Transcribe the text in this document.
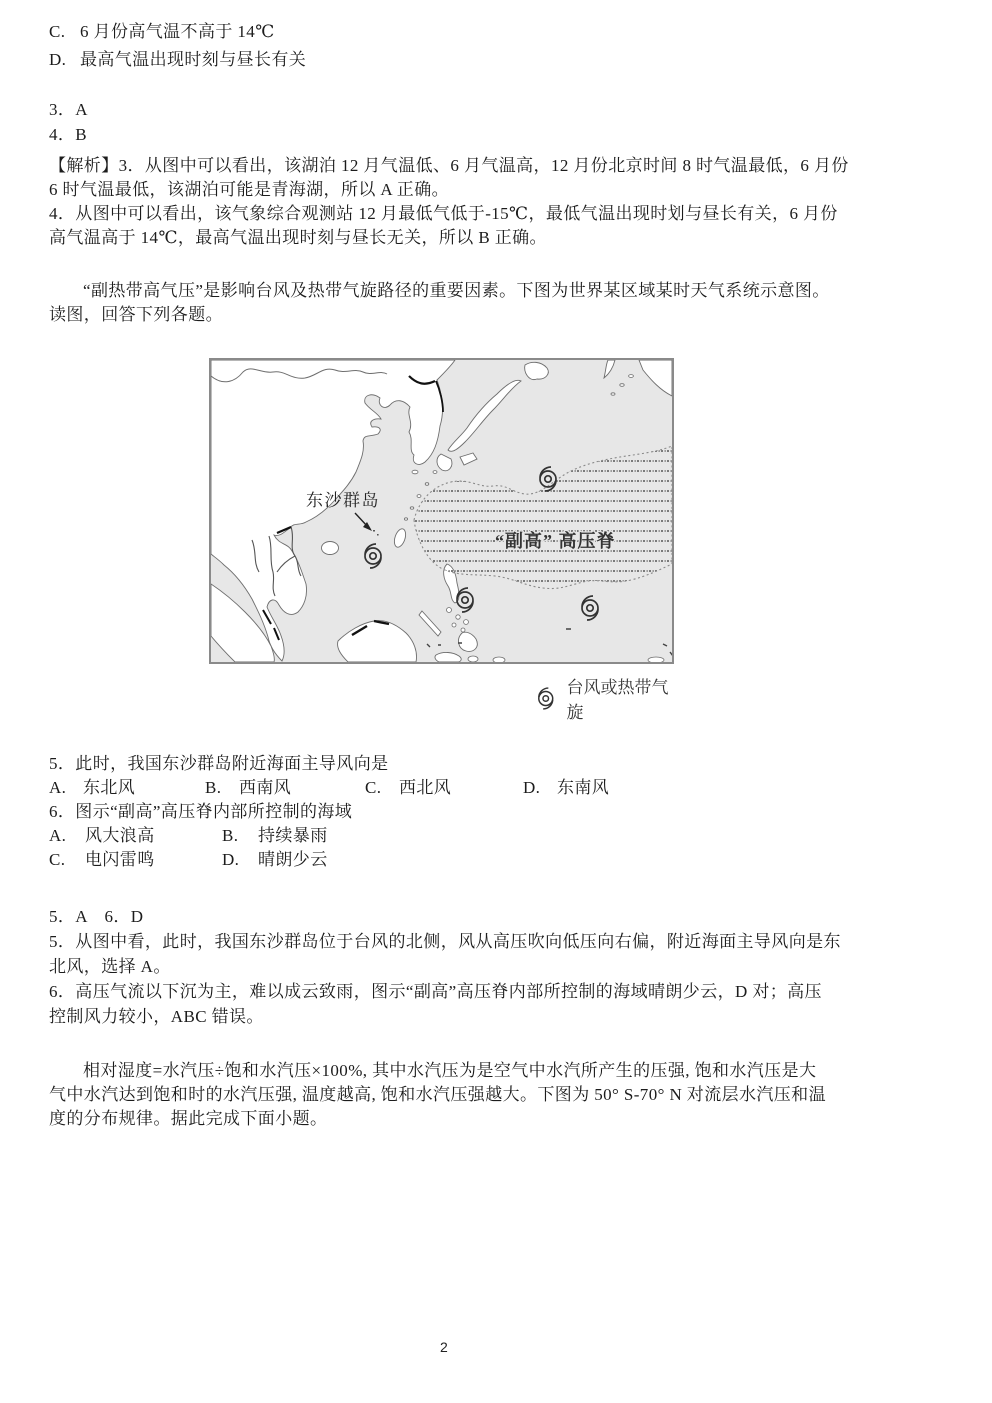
C. 6 月份高气温不高于 14℃
D. 最高气温出现时刻与昼长有关
3．A
4．B
【解析】3．从图中可以看出，该湖泊 12 月气温低、6 月气温高，12 月份北京时间 8 时气温最低，6 月份
6 时气温最低，该湖泊可能是青海湖，所以 A 正确。
4．从图中可以看出，该气象综合观测站 12 月最低气低于-15℃，最低气温出现时划与昼长有关，6 月份
高气温高于 14℃，最高气温出现时刻与昼长无关，所以 B 正确。
“副热带高气压”是影响台风及热带气旋路径的重要因素。下图为世界某区域某时天气系统示意图。
读图，回答下列各题。
“副高” 高压脊
东沙群岛
台风或热带气旋
5．此时，我国东沙群岛附近海面主导风向是

A. 东北风

	B. 西南风

	C. 西北风

	D. 东南风

6．图示“副高”高压脊内部所控制的海域

A. 风大浪高

	B. 持续暴雨

C. 电闪雷鸣

	D. 晴朗少云

5．A　6．D
5．从图中看，此时，我国东沙群岛位于台风的北侧，风从高压吹向低压向右偏，附近海面主导风向是东
北风，选择 A。
6．高压气流以下沉为主，难以成云致雨，图示“副高”高压脊内部所控制的海域晴朗少云，D 对；高压
控制风力较小，ABC 错误。
相对湿度=水汽压÷饱和水汽压×100%, 其中水汽压为是空气中水汽所产生的压强, 饱和水汽压是大
气中水汽达到饱和时的水汽压强, 温度越高, 饱和水汽压强越大。下图为 50° S-70° N 对流层水汽压和温
度的分布规律。据此完成下面小题。
2
